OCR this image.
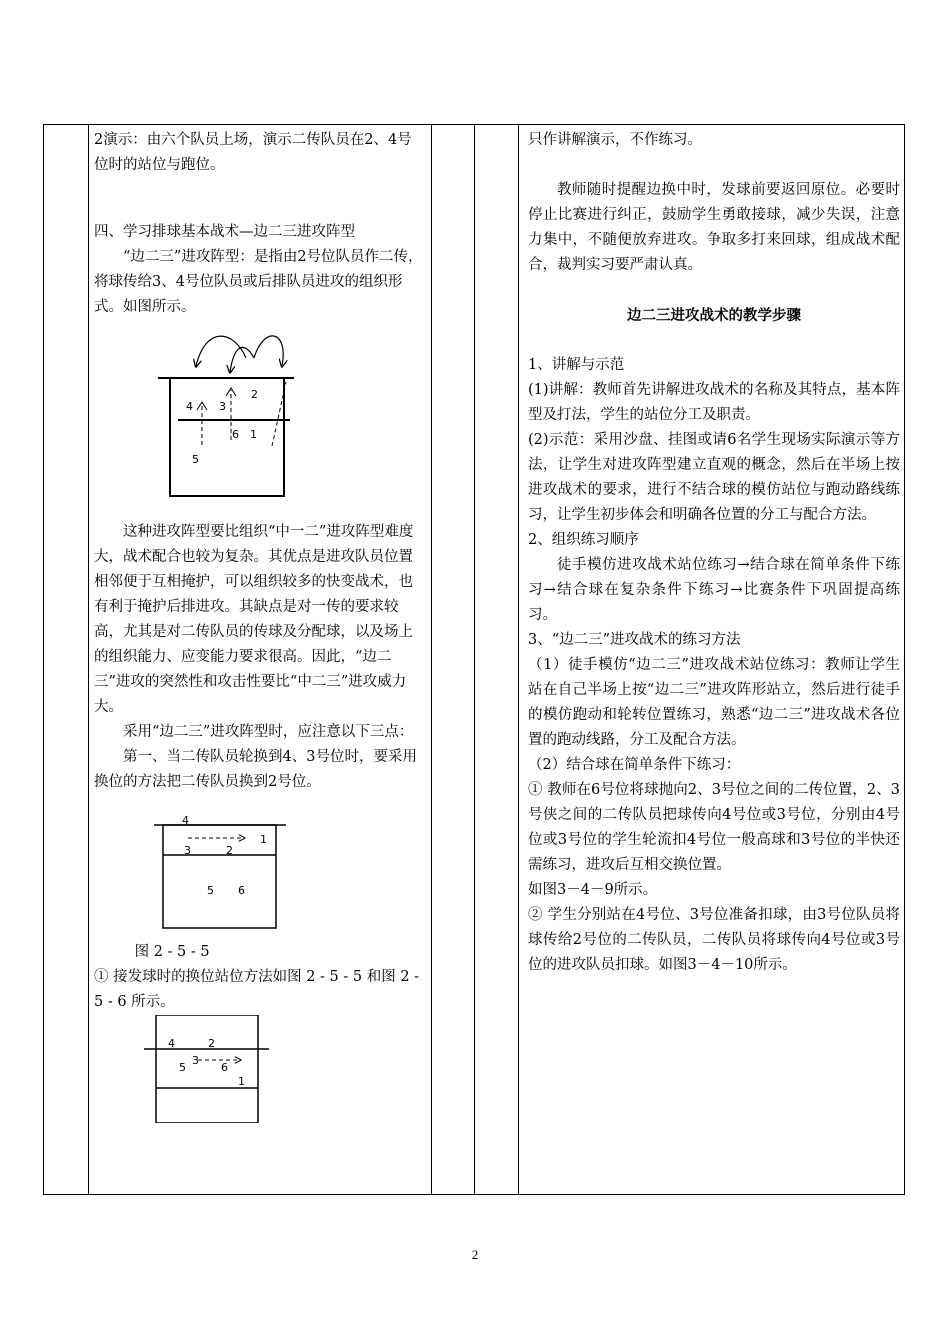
2演示：由六个队员上场，演示二传队员在2、4号位时的站位与跑位。

四、学习排球基本战术—边二三进攻阵型

“边二三”进攻阵型：是指由2号位队员作二传，将球传给3、4号位队员或后排队员进攻的组织形式。如图所示。

4 3
2
6 1
5

这种进攻阵型要比组织“中一二”进攻阵型难度大，战术配合也较为复杂。其优点是进攻队员位置相邻便于互相掩护，可以组织较多的快变战术，也有利于掩护后排进攻。其缺点是对一传的要求较高，尤其是对二传队员的传球及分配球，以及场上的组织能力、应变能力要求很高。因此，“边二三”进攻的突然性和攻击性要比“中二三”进攻威力大。

采用“边二三”进攻阵型时，应注意以下三点：

第一、当二传队员轮换到4、3号位时，要采用换位的方法把二传队员换到2号位。

4
1
3	2
5 6

图 2 - 5 - 5

① 接发球时的换位站位方法如图 2 - 5 - 5 和图 2 - 5 - 6 所示。

4	2
5
3
6
1

只作讲解演示，不作练习。

教师随时提醒边换中时，发球前要返回原位。必要时停止比赛进行纠正，鼓励学生勇敢接球，减少失误，注意力集中，不随便放弃进攻。争取多打来回球，组成战术配合，裁判实习要严肃认真。

边二三进攻战术的教学步骤

1、讲解与示范

(1)讲解：教师首先讲解进攻战术的名称及其特点，基本阵型及打法，学生的站位分工及职责。

(2)示范：采用沙盘、挂图或请6名学生现场实际演示等方法，让学生对进攻阵型建立直观的概念，然后在半场上按进攻战术的要求，进行不结合球的模仿站位与跑动路线练习，让学生初步体会和明确各位置的分工与配合方法。

2、组织练习顺序

徒手模仿进攻战术站位练习→结合球在简单条件下练习→结合球在复杂条件下练习→比赛条件下巩固提高练习。

3、“边二三”进攻战术的练习方法

（1）徒手模仿“边二三”进攻战术站位练习：教师让学生站在自己半场上按“边二三”进攻阵形站立，然后进行徒手的模仿跑动和轮转位置练习，熟悉“边二三”进攻战术各位置的跑动线路，分工及配合方法。

（2）结合球在简单条件下练习：

① 教师在6号位将球抛向2、3号位之间的二传位置，2、3号侠之间的二传队员把球传向4号位或3号位，分别由4号位或3号位的学生轮流扣4号位一般高球和3号位的半快还需练习，进攻后互相交换位置。

如图3－4－9所示。

② 学生分别站在4号位、3号位准备扣球，由3号位队员将球传给2号位的二传队员，二传队员将球传向4号位或3号位的进攻队员扣球。如图3－4－10所示。

2
